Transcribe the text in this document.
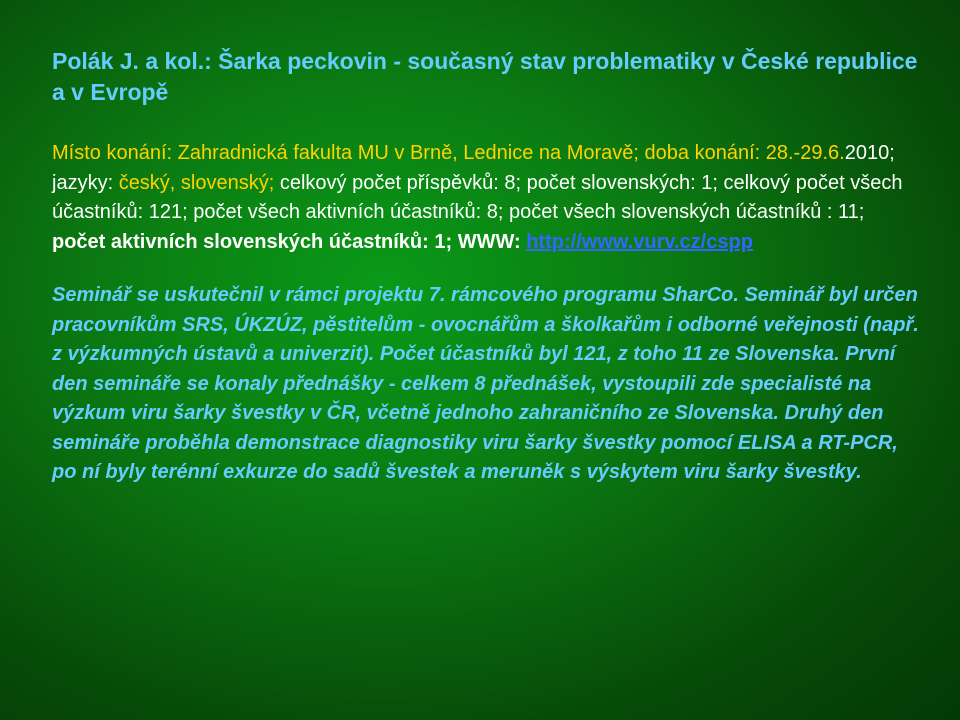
Polák J. a kol.: Šarka peckovin - současný stav problematiky v České republice a v Evropě
Místo konání: Zahradnická fakulta MU v Brně, Lednice na Moravě; doba konání: 28.-29.6.2010; jazyky: český, slovenský; celkový počet příspěvků: 8; počet slovenských: 1; celkový počet všech účastníků: 121; počet všech aktivních účastníků: 8; počet všech slovenských účastníků : 11; počet aktivních slovenských účastníků: 1; WWW: http://www.vurv.cz/cspp
Seminář se uskutečnil v rámci projektu 7. rámcového programu SharCo. Seminář byl určen pracovníkům SRS, ÚKZÚZ, pěstitelům - ovocnářům a školkařům i odborné veřejnosti (např. z výzkumných ústavů a univerzit). Počet účastníků byl 121, z toho 11 ze Slovenska. První den semináře se konaly přednášky - celkem 8 přednášek, vystoupili zde specialisté na výzkum viru šarky švestky v ČR, včetně jednoho zahraničního ze Slovenska. Druhý den semináře proběhla demonstrace diagnostiky viru šarky švestky pomocí ELISA a RT-PCR, po ní byly terénní exkurze do sadů švestek a meruněk s výskytem viru šarky švestky.
